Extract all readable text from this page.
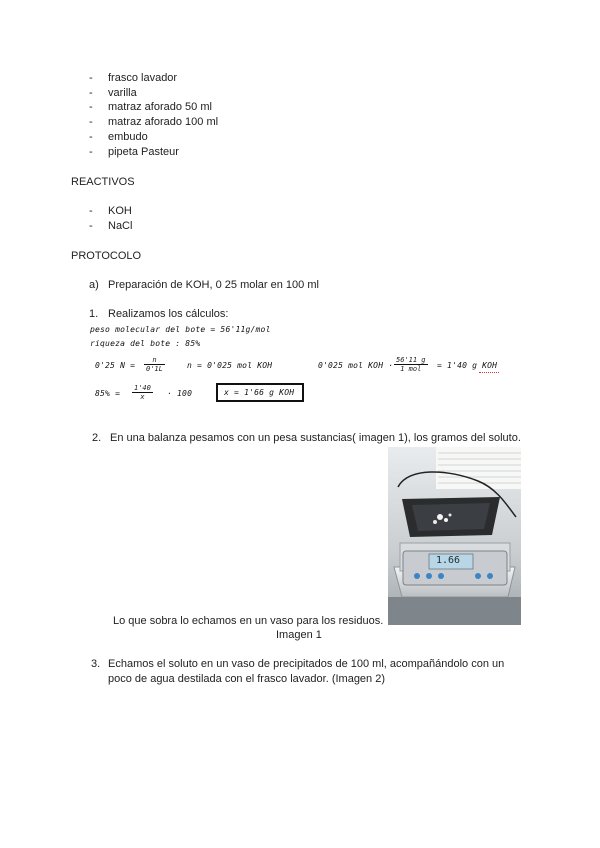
- frasco lavador
- varilla
- matraz aforado 50 ml
- matraz aforado 100 ml
- embudo
- pipeta Pasteur
REACTIVOS
- KOH
- NaCl
PROTOCOLO
a) Preparación de KOH, 0 25 molar en 100 ml
1. Realizamos los cálculos:
peso molecular del bote = 56'11g/mol
riqueza del bote : 85%
0'25 $N = \frac{n}{0'1L}$	n = 0'025 mol KOH	0'025 mol KOH ·
56'11 g
1 mol	= 1'40 g KOH
$85\% = \frac{1'40}{x} \cdot 100$	x = 1'66 g KOH
2. En una balanza pesamos con un pesa sustancias( imagen 1), los gramos del soluto.
1.66
Lo que sobra lo echamos en un vaso para los residuos.
Imagen 1
3. Echamos el soluto en un vaso de precipitados de 100 ml, acompañándolo con un
poco de agua destilada con el frasco lavador. (Imagen 2)
